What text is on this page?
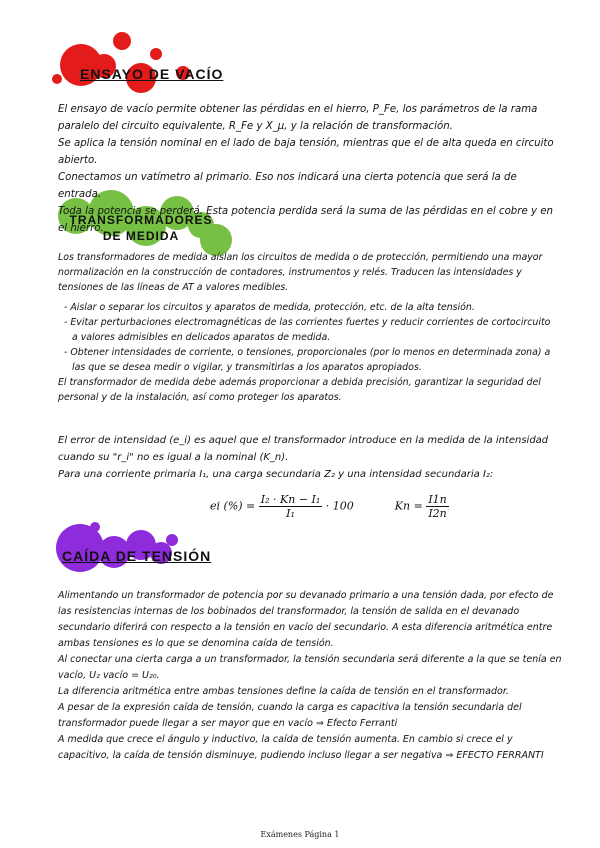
ENSAYO DE VACÍO

El ensayo de vacío permite obtener las pérdidas en el hierro, P_Fe, los parámetros de la rama paralelo del circuito equivalente, R_Fe y X_μ, y la relación de transformación.

Se aplica la tensión nominal en el lado de baja tensión, mientras que el de alta queda en circuito abierto.

Conectamos un vatímetro al primario. Eso nos indicará una cierta potencia que será la de entrada.

Toda la potencia se perderá. Esta potencia perdida será la suma de las pérdidas en el cobre y en el hierro.

TRANSFORMADORES DE MEDIDA

Los transformadores de medida aíslan los circuitos de medida o de protección, permitiendo una mayor normalización en la construcción de contadores, instrumentos y relés. Traducen las intensidades y tensiones de las líneas de AT a valores medibles.

- Aislar o separar los circuitos y aparatos de medida, protección, etc. de la alta tensión.
- Evitar perturbaciones electromagnéticas de las corrientes fuertes y reducir corrientes de cortocircuito a valores admisibles en delicados aparatos de medida.
- Obtener intensidades de corriente, o tensiones, proporcionales (por lo menos en determinada zona) a las que se desea medir o vigilar, y transmitirlas a los aparatos apropiados.

El transformador de medida debe además proporcionar a debida precisión, garantizar la seguridad del personal y de la instalación, así como proteger los aparatos.

El error de intensidad (e_i) es aquel que el transformador introduce en la medida de la intensidad cuando su "r_i" no es igual a la nominal (K_n).

Para una corriente primaria I₁, una carga secundaria Z₂ y una intensidad secundaria I₂:

ei (%) = $\frac{\text{I₂ · Kn − I₁}}{\text{I₁}} \cdot 100$	$Kn = \frac{I1n}{I2n}$
CAÍDA DE TENSIÓN

Alimentando un transformador de potencia por su devanado primario a una tensión dada, por efecto de las resistencias internas de los bobinados del transformador, la tensión de salida en el devanado secundario diferirá con respecto a la tensión en vacío del secundario. A esta diferencia aritmética entre ambas tensiones es lo que se denomina caída de tensión.

Al conectar una cierta carga a un transformador, la tensión secundaria será diferente a la que se tenía en vacío, U₂ vacío = U₂₀.

La diferencia aritmética entre ambas tensiones define la caída de tensión en el transformador.

A pesar de la expresión caída de tensión, cuando la carga es capacitiva la tensión secundaria del transformador puede llegar a ser mayor que en vacío ⇒ Efecto Ferranti

A medida que crece el ángulo y inductivo, la caída de tensión aumenta. En cambio si crece el y capacitivo, la caída de tensión disminuye, pudiendo incluso llegar a ser negativa ⇒ EFECTO FERRANTI

Exámenes Página 1
